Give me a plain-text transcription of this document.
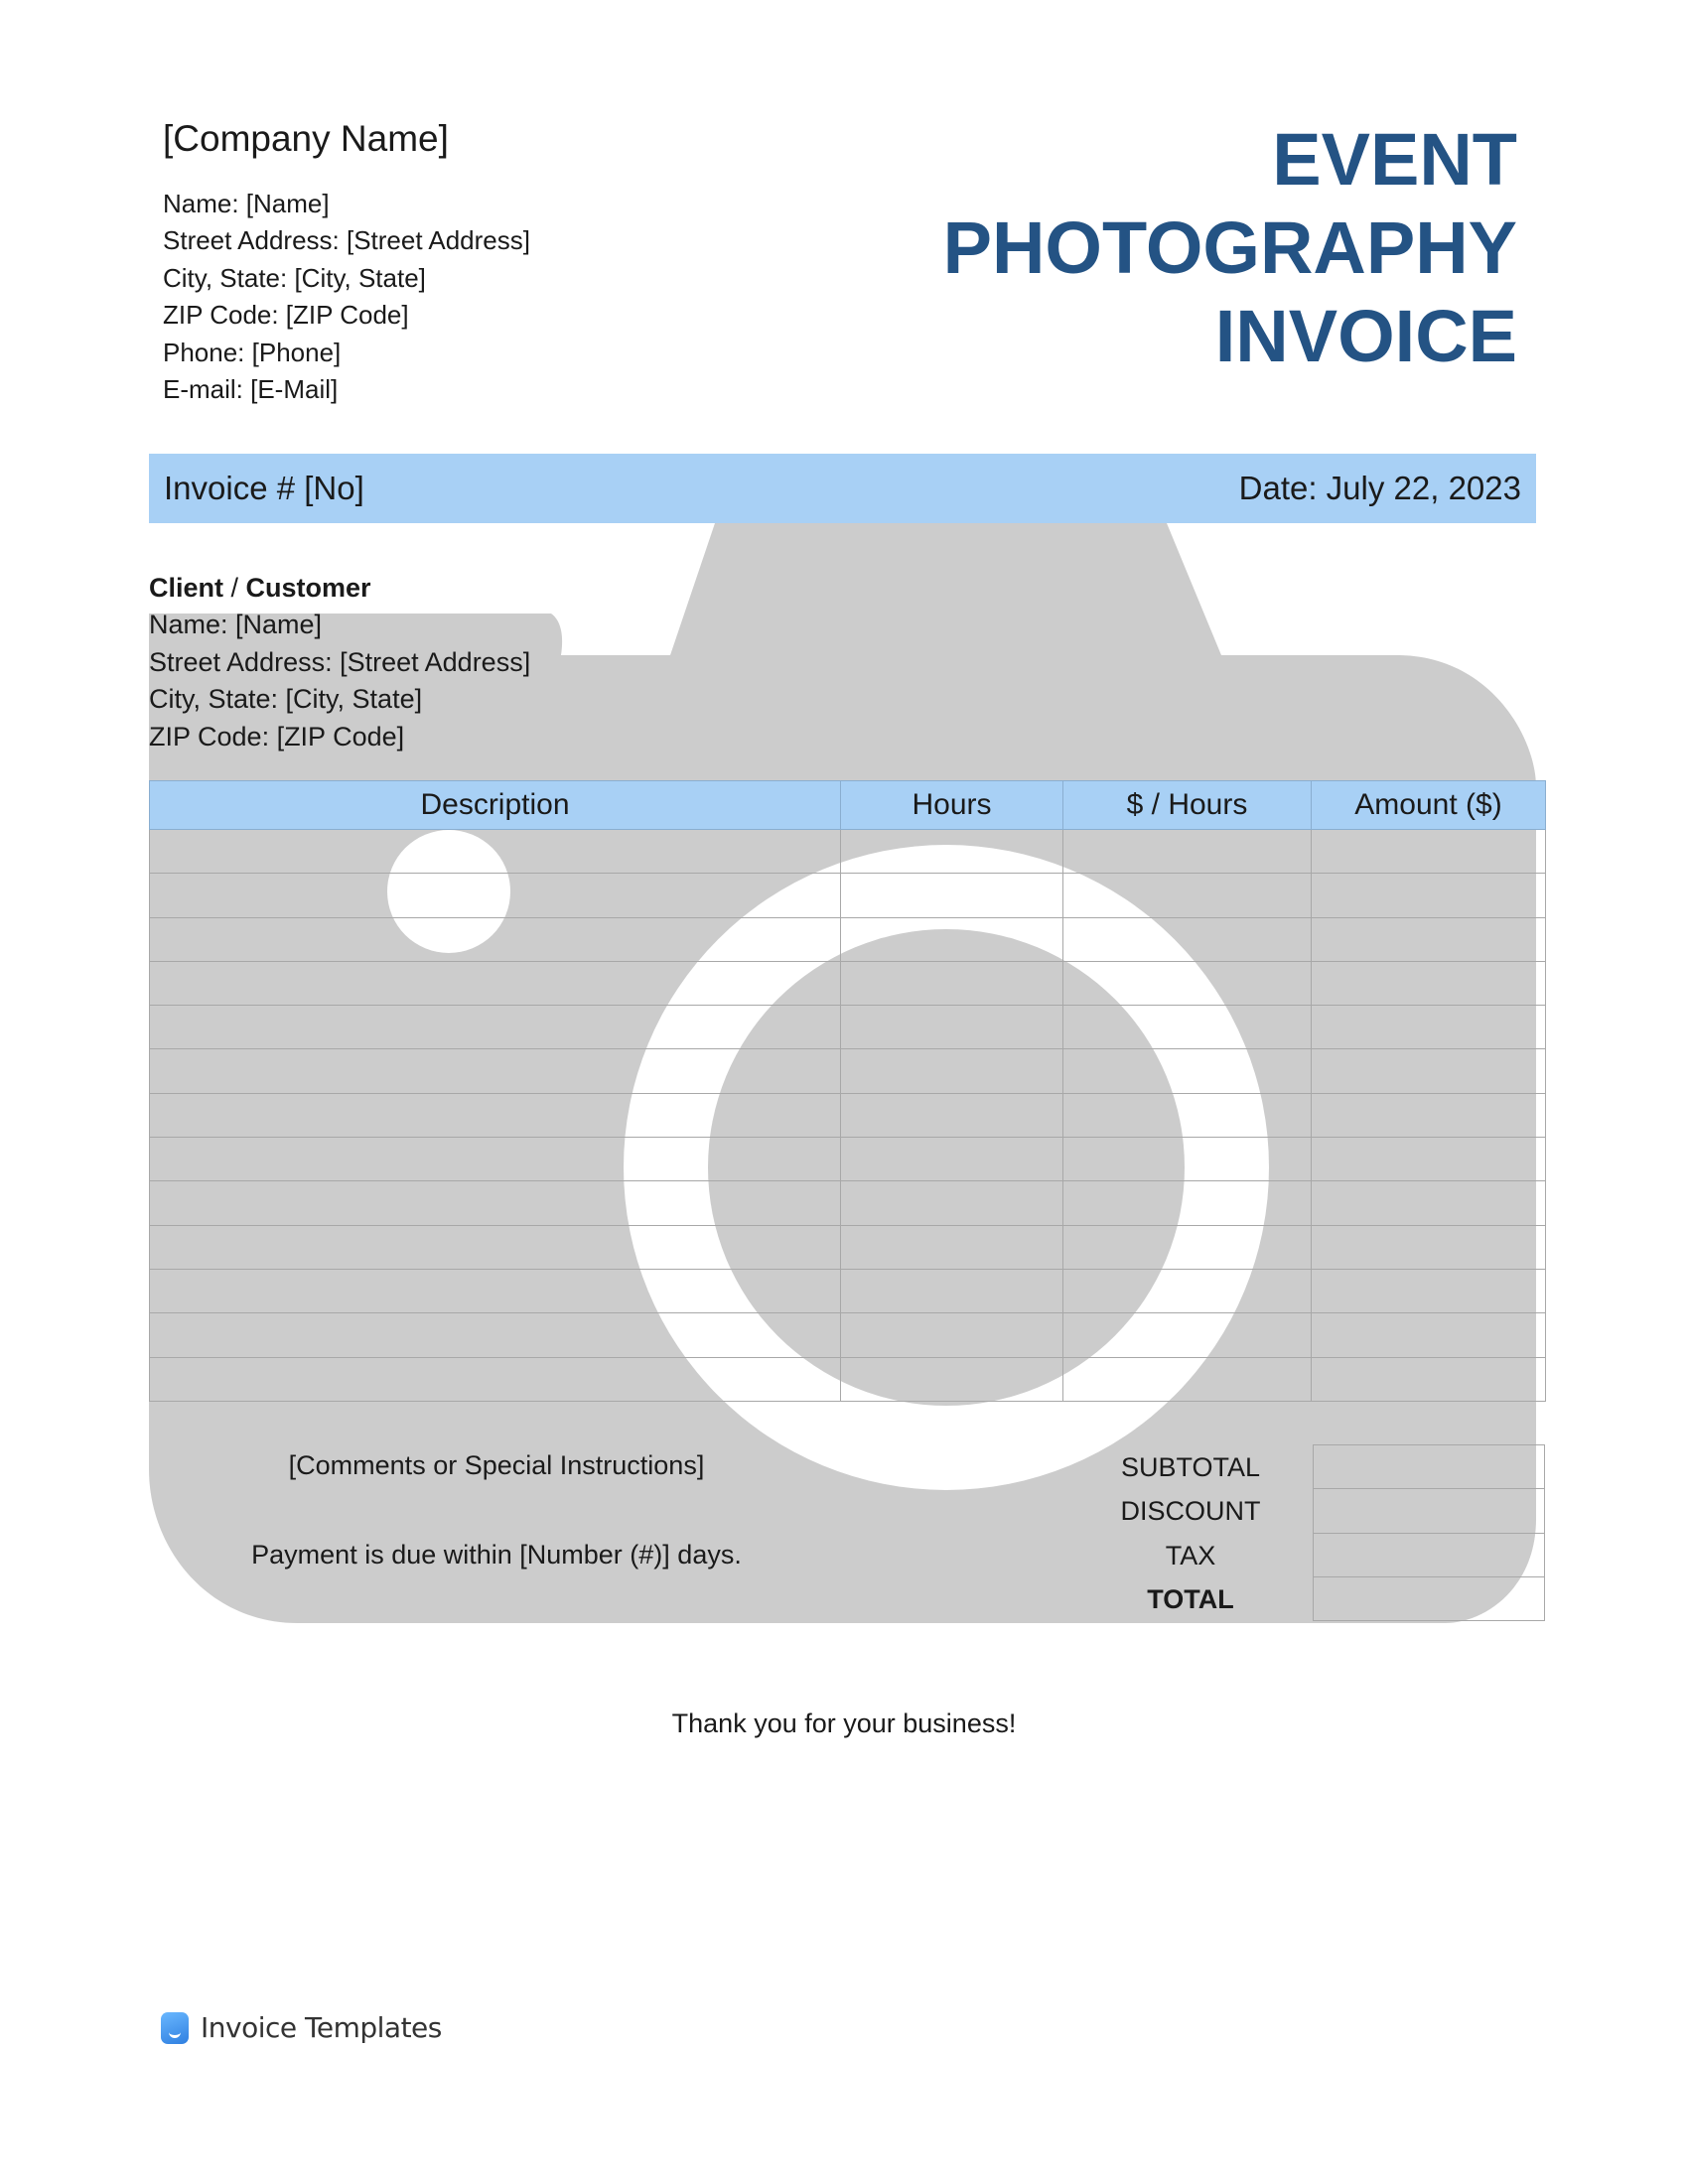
[Company Name]
Name: [Name]
Street Address: [Street Address]
City, State: [City, State]
ZIP Code: [ZIP Code]
Phone: [Phone]
E-mail: [E-Mail]
EVENT
PHOTOGRAPHY
INVOICE
Invoice # [No]	Date: July 22, 2023
Client / Customer
Name: [Name]
Street Address: [Street Address]
City, State: [City, State]
ZIP Code: [ZIP Code]
Description	Hours	$ / Hours	Amount ($)

[Comments or Special Instructions]
Payment is due within [Number (#)] days.
SUBTOTAL
DISCOUNT
TAX
TOTAL

Thank you for your business!
Invoice Templates
